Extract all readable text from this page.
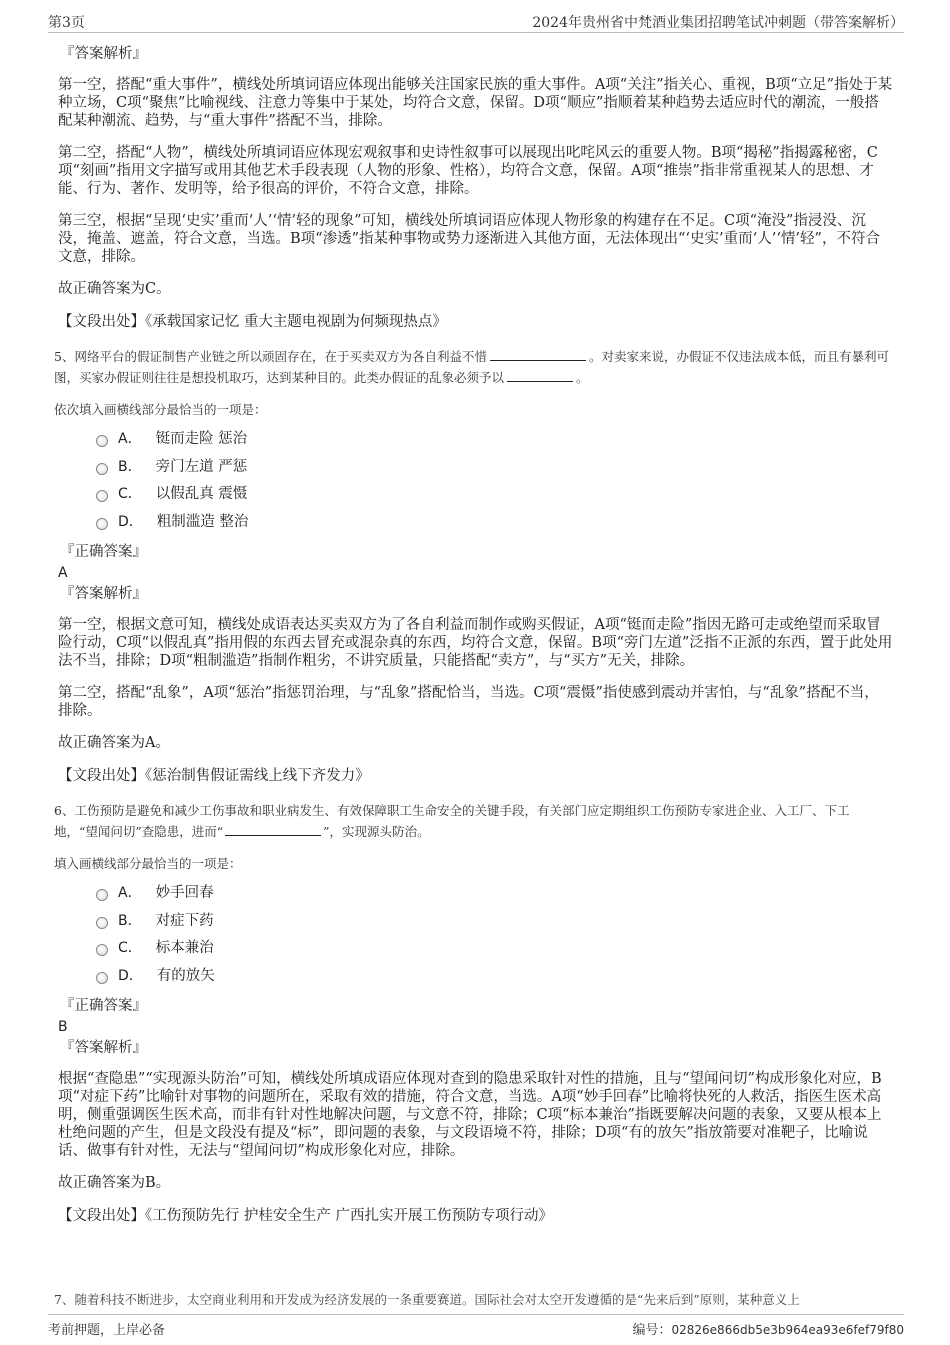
第3页	2024年贵州省中梵酒业集团招聘笔试冲刺题（带答案解析）
『答案解析』

第一空，搭配“重大事件”，横线处所填词语应体现出能够关注国家民族的重大事件。A项“关注”指关心、重视，B项“立足”指处于某种立场，C项“聚焦”比喻视线、注意力等集中于某处，均符合文意，保留。D项“顺应”指顺着某种趋势去适应时代的潮流，一般搭配某种潮流、趋势，与“重大事件”搭配不当，排除。

第二空，搭配“人物”，横线处所填词语应体现宏观叙事和史诗性叙事可以展现出叱咤风云的重要人物。B项“揭秘”指揭露秘密，C项“刻画”指用文字描写或用其他艺术手段表现（人物的形象、性格），均符合文意，保留。A项“推崇”指非常重视某人的思想、才能、行为、著作、发明等，给予很高的评价，不符合文意，排除。

第三空，根据“呈现‘史实’重而‘人’‘情’轻的现象”可知，横线处所填词语应体现人物形象的构建存在不足。C项“淹没”指浸没、沉没，掩盖、遮盖，符合文意，当选。B项“渗透”指某种事物或势力逐渐进入其他方面，无法体现出“‘史实’重而‘人’‘情’轻”，不符合文意，排除。

故正确答案为C。

【文段出处】《承载国家记忆 重大主题电视剧为何频现热点》

5、网络平台的假证制售产业链之所以顽固存在，在于买卖双方为各自利益不惜	。对卖家来说，办假证不仅违法成本低，而且有暴利可图，买家办假证则往往是想投机取巧，达到某种目的。此类办假证的乱象必须予以	。
依次填入画横线部分最恰当的一项是：
A． 铤而走险 惩治
B． 旁门左道 严惩
C． 以假乱真 震慑
D． 粗制滥造 整治
『正确答案』
A
『答案解析』

第一空，根据文意可知，横线处成语表达买卖双方为了各自利益而制作或购买假证，A项“铤而走险”指因无路可走或绝望而采取冒险行动，C项“以假乱真”指用假的东西去冒充或混杂真的东西，均符合文意，保留。B项“旁门左道”泛指不正派的东西，置于此处用法不当，排除；D项“粗制滥造”指制作粗劣，不讲究质量，只能搭配“卖方”，与“买方”无关，排除。

第二空，搭配“乱象”，A项“惩治”指惩罚治理，与“乱象”搭配恰当，当选。C项“震慑”指使感到震动并害怕，与“乱象”搭配不当，排除。

故正确答案为A。

【文段出处】《惩治制售假证需线上线下齐发力》

6、工伤预防是避免和减少工伤事故和职业病发生、有效保障职工生命安全的关键手段，有关部门应定期组织工伤预防专家进企业、入工厂、下工地，“望闻问切”查隐患，进而“	”，实现源头防治。
填入画横线部分最恰当的一项是：
A． 妙手回春
B． 对症下药
C． 标本兼治
D． 有的放矢
『正确答案』
B
『答案解析』

根据“查隐患”“实现源头防治”可知，横线处所填成语应体现对查到的隐患采取针对性的措施，且与“望闻问切”构成形象化对应，B项“对症下药”比喻针对事物的问题所在，采取有效的措施，符合文意，当选。A项“妙手回春”比喻将快死的人救活，指医生医术高明，侧重强调医生医术高，而非有针对性地解决问题，与文意不符，排除；C项“标本兼治”指既要解决问题的表象，又要从根本上杜绝问题的产生，但是文段没有提及“标”，即问题的表象，与文段语境不符，排除；D项“有的放矢”指放箭要对准靶子，比喻说话、做事有针对性，无法与“望闻问切”构成形象化对应，排除。

故正确答案为B。

【文段出处】《工伤预防先行 护桂安全生产 广西扎实开展工伤预防专项行动》

7、随着科技不断进步，太空商业利用和开发成为经济发展的一条重要赛道。国际社会对太空开发遵循的是“先来后到”原则，某种意义上
考前押题，上岸必备	编号：02826e866db5e3b964ea93e6fef79f80
